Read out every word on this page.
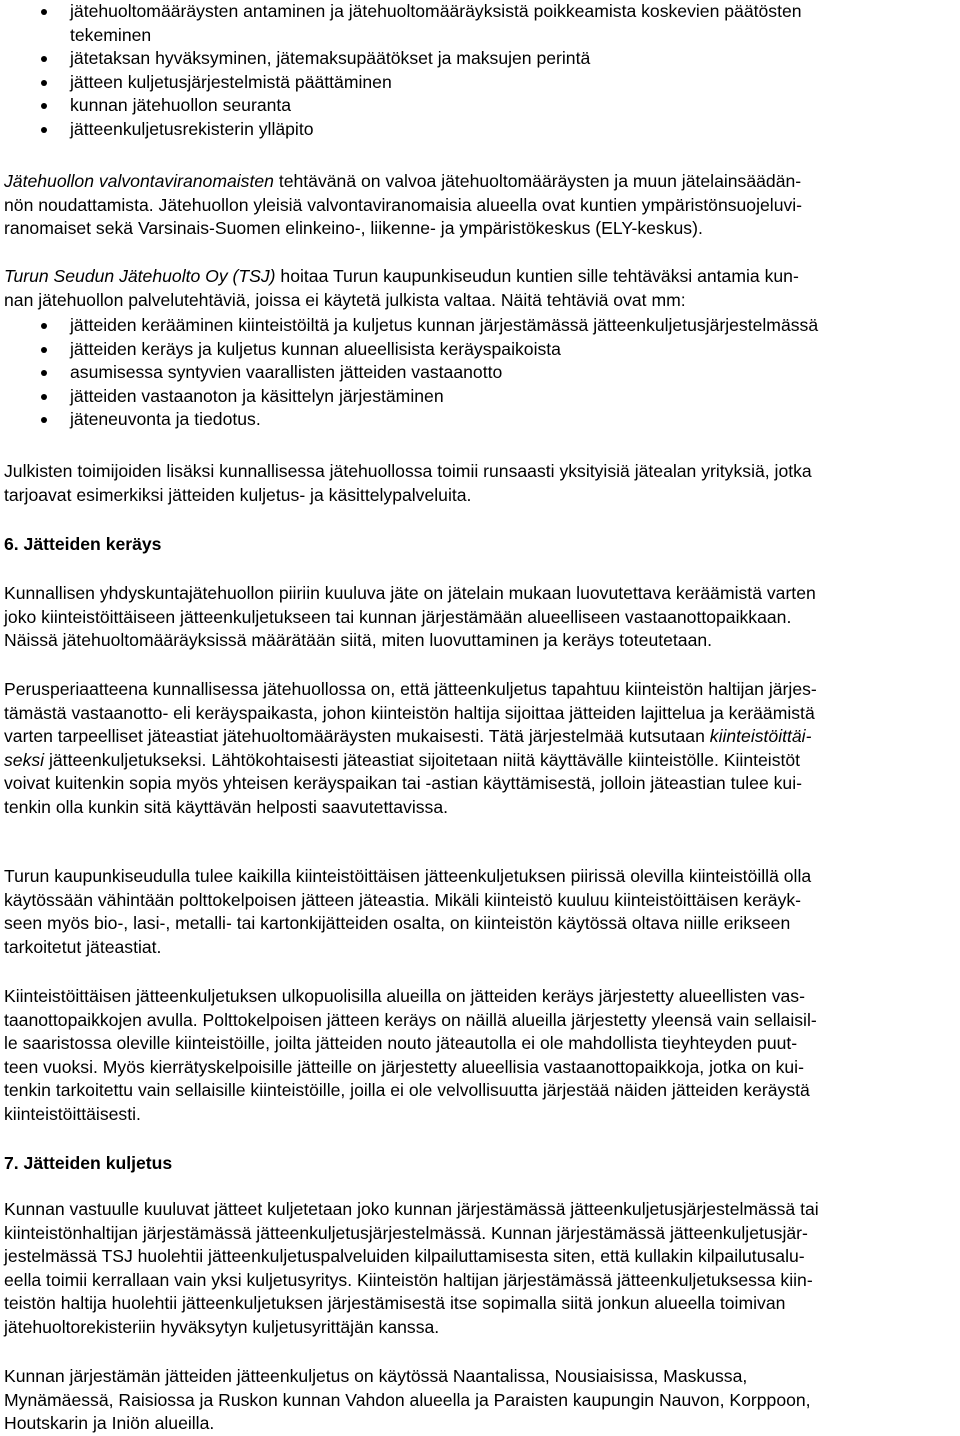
jätehuoltomääräysten antaminen ja jätehuoltomääräyksistä poikkeamista koskevien päätösten
tekeminen
jätetaksan hyväksyminen, jätemaksupäätökset ja maksujen perintä
jätteen kuljetusjärjestelmistä päättäminen
kunnan jätehuollon seuranta
jätteenkuljetusrekisterin ylläpito

Jätehuollon valvontaviranomaisten tehtävänä on valvoa jätehuoltomääräysten ja muun jätelainsäädän-
nön noudattamista. Jätehuollon yleisiä valvontaviranomaisia alueella ovat kuntien ympäristönsuojeluvi-
ranomaiset sekä Varsinais-Suomen elinkeino-, liikenne- ja ympäristökeskus (ELY-keskus).

Turun Seudun Jätehuolto Oy (TSJ) hoitaa Turun kaupunkiseudun kuntien sille tehtäväksi antamia kun-
nan jätehuollon palvelutehtäviä, joissa ei käytetä julkista valtaa. Näitä tehtäviä ovat mm:

jätteiden kerääminen kiinteistöiltä ja kuljetus kunnan järjestämässä jätteenkuljetusjärjestelmässä
jätteiden keräys ja kuljetus kunnan alueellisista keräyspaikoista
asumisessa syntyvien vaarallisten jätteiden vastaanotto
jätteiden vastaanoton ja käsittelyn järjestäminen
jäteneuvonta ja tiedotus.

Julkisten toimijoiden lisäksi kunnallisessa jätehuollossa toimii runsaasti yksityisiä jätealan yrityksiä, jotka
tarjoavat esimerkiksi jätteiden kuljetus- ja käsittelypalveluita.

6. Jätteiden keräys

Kunnallisen yhdyskuntajätehuollon piiriin kuuluva jäte on jätelain mukaan luovutettava keräämistä varten
joko kiinteistöittäiseen jätteenkuljetukseen tai kunnan järjestämään alueelliseen vastaanottopaikkaan.
Näissä jätehuoltomääräyksissä määrätään siitä, miten luovuttaminen ja keräys toteutetaan.

Perusperiaatteena kunnallisessa jätehuollossa on, että jätteenkuljetus tapahtuu kiinteistön haltijan järjes-
tämästä vastaanotto- eli keräyspaikasta, johon kiinteistön haltija sijoittaa jätteiden lajittelua ja keräämistä
varten tarpeelliset jäteastiat jätehuoltomääräysten mukaisesti. Tätä järjestelmää kutsutaan kiinteistöittäi-
seksi jätteenkuljetukseksi. Lähtökohtaisesti jäteastiat sijoitetaan niitä käyttävälle kiinteistölle. Kiinteistöt
voivat kuitenkin sopia myös yhteisen keräyspaikan tai -astian käyttämisestä, jolloin jäteastian tulee kui-
tenkin olla kunkin sitä käyttävän helposti saavutettavissa.

Turun kaupunkiseudulla tulee kaikilla kiinteistöittäisen jätteenkuljetuksen piirissä olevilla kiinteistöillä olla
käytössään vähintään polttokelpoisen jätteen jäteastia. Mikäli kiinteistö kuuluu kiinteistöittäisen keräyk-
seen myös bio-, lasi-, metalli- tai kartonkijätteiden osalta, on kiinteistön käytössä oltava niille erikseen
tarkoitetut jäteastiat.

Kiinteistöittäisen jätteenkuljetuksen ulkopuolisilla alueilla on jätteiden keräys järjestetty alueellisten vas-
taanottopaikkojen avulla. Polttokelpoisen jätteen keräys on näillä alueilla järjestetty yleensä vain sellaisil-
le saaristossa oleville kiinteistöille, joilta jätteiden nouto jäteautolla ei ole mahdollista tieyhteyden puut-
teen vuoksi. Myös kierrätyskelpoisille jätteille on järjestetty alueellisia vastaanottopaikkoja, jotka on kui-
tenkin tarkoitettu vain sellaisille kiinteistöille, joilla ei ole velvollisuutta järjestää näiden jätteiden keräystä
kiinteistöittäisesti.

7. Jätteiden kuljetus

Kunnan vastuulle kuuluvat jätteet kuljetetaan joko kunnan järjestämässä jätteenkuljetusjärjestelmässä tai
kiinteistönhaltijan järjestämässä jätteenkuljetusjärjestelmässä. Kunnan järjestämässä jätteenkuljetusjär-
jestelmässä TSJ huolehtii jätteenkuljetuspalveluiden kilpailuttamisesta siten, että kullakin kilpailutusalu-
eella toimii kerrallaan vain yksi kuljetusyritys. Kiinteistön haltijan järjestämässä jätteenkuljetuksessa kiin-
teistön haltija huolehtii jätteenkuljetuksen järjestämisestä itse sopimalla siitä jonkun alueella toimivan
jätehuoltorekisteriin hyväksytyn kuljetusyrittäjän kanssa.

Kunnan järjestämän jätteiden jätteenkuljetus on käytössä Naantalissa, Nousiaisissa, Maskussa,
Mynämäessä, Raisiossa ja Ruskon kunnan Vahdon alueella ja Paraisten kaupungin Nauvon, Korppoon,
Houtskarin ja Iniön alueilla.
